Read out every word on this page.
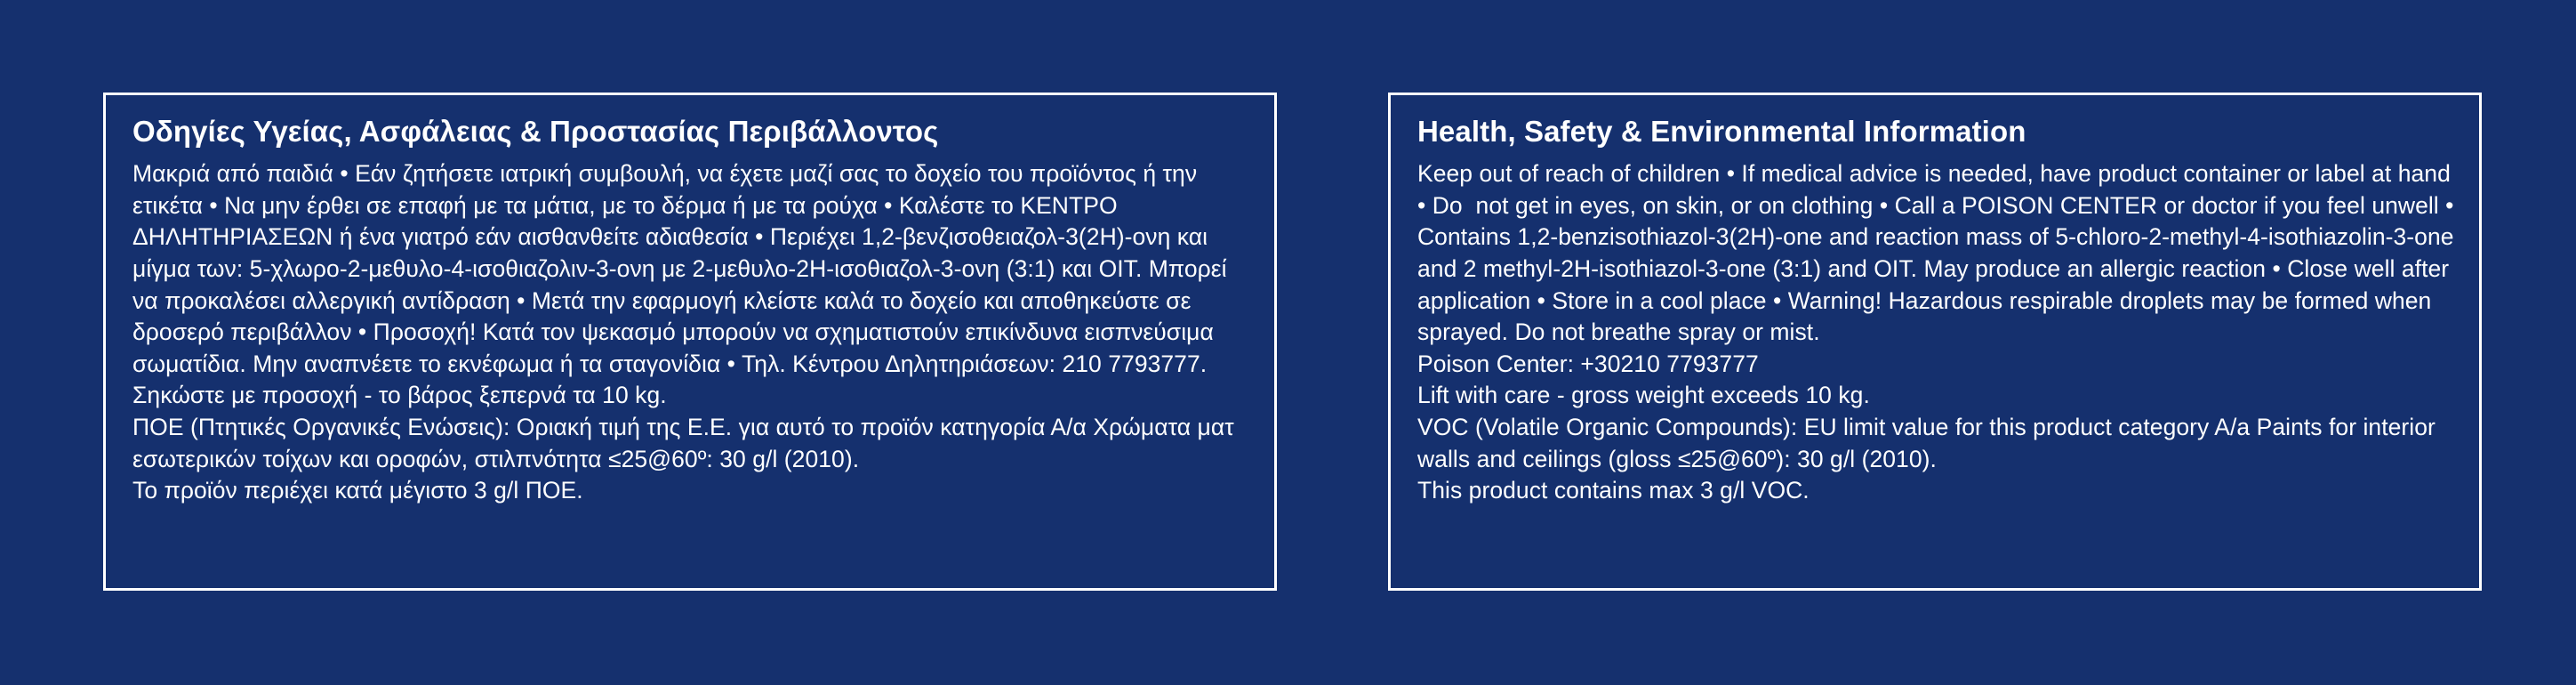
Οδηγίες Υγείας, Ασφάλειας & Προστασίας Περιβάλλοντος

Μακριά από παιδιά • Εάν ζητήσετε ιατρική συμβουλή, να έχετε μαζί σας το δοχείο του προϊόντος ή την  ετικέτα • Να μην έρθει σε επαφή με τα μάτια, με το δέρμα ή με τα ρούχα • Καλέστε το ΚΕΝΤΡΟ ΔΗΛΗΤΗΡΙΑΣΕΩΝ ή ένα γιατρό εάν αισθανθείτε αδιαθεσία • Περιέχει 1,2-βενζισοθειαζολ-3(2H)-ονη και μίγμα των: 5-χλωρο-2-μεθυλο-4-ισοθιαζολιν-3-ονη με 2-μεθυλο-2H-ισοθιαζολ-3-ονη (3:1) και OIT. Μπορεί να προκαλέσει αλλεργική αντίδραση • Μετά την εφαρμογή κλείστε καλά το δοχείο και αποθηκεύστε σε δροσερό περιβάλλον • Προσοχή! Κατά τον ψεκασμό μπορούν να σχηματιστούν επικίνδυνα εισπνεύσιμα σωματίδια. Μην αναπνέετε το εκνέφωμα ή τα σταγονίδια • Τηλ. Κέντρου Δηλητηριάσεων: 210 7793777.

Σηκώστε με προσοχή - το βάρος ξεπερνά τα 10 kg.

ΠΟΕ (Πτητικές Οργανικές Ενώσεις): Οριακή τιμή της Ε.Ε. για αυτό το προϊόν κατηγορία Α/α Χρώματα ματ εσωτερικών τοίχων και οροφών, στιλπνότητα ≤25@60º: 30 g/l (2010).

Το προϊόν περιέχει κατά μέγιστο 3 g/l ΠΟΕ.

Health, Safety & Environmental Information

Keep out of reach of children • If medical advice is needed, have product container or label at hand • Do  not get in eyes, on skin, or on clothing • Call a POISON CENTER or doctor if you feel unwell • Contains 1,2-benzisothiazol-3(2H)-one and reaction mass of 5-chloro-2-methyl-4-isothiazolin-3-one and 2 methyl-2H-isothiazol-3-one (3:1) and OIT. May produce an allergic reaction • Close well after application • Store in a cool place • Warning! Hazardous respirable droplets may be formed when sprayed. Do not breathe spray or mist.

Poison Center: +30210 7793777

Lift with care - gross weight exceeds 10 kg.

VOC (Volatile Organic Compounds): EU limit value for this product category A/a Paints for interior walls and ceilings (gloss ≤25@60º): 30 g/l (2010).

This product contains max 3 g/l VOC.
